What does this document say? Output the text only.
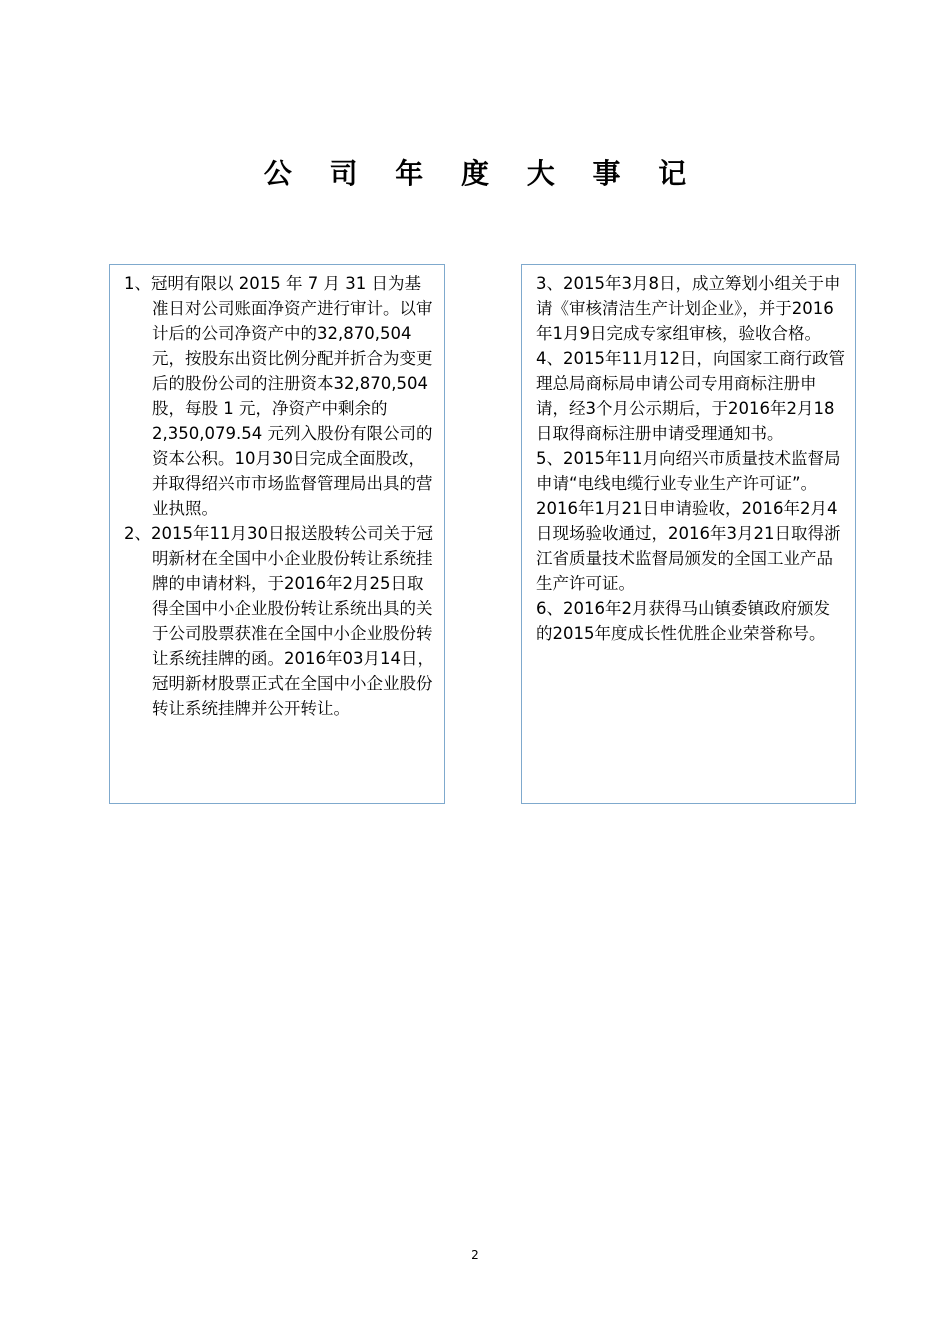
公 司 年 度 大 事 记

1、冠明有限以 2015 年 7 月 31 日为基准日对公司账面净资产进行审计。以审计后的公司净资产中的32,870,504元，按股东出资比例分配并折合为变更后的股份公司的注册资本32,870,504股，每股 1 元，净资产中剩余的2,350,079.54 元列入股份有限公司的资本公积。10月30日完成全面股改，并取得绍兴市市场监督管理局出具的营业执照。

2、2015年11月30日报送股转公司关于冠明新材在全国中小企业股份转让系统挂牌的申请材料，于2016年2月25日取得全国中小企业股份转让系统出具的关于公司股票获准在全国中小企业股份转让系统挂牌的函。2016年03月14日，冠明新材股票正式在全国中小企业股份转让系统挂牌并公开转让。

3、2015年3月8日，成立筹划小组关于申请《审核清洁生产计划企业》，并于2016年1月9日完成专家组审核，验收合格。

4、2015年11月12日，向国家工商行政管理总局商标局申请公司专用商标注册申请，经3个月公示期后，于2016年2月18日取得商标注册申请受理通知书。

5、2015年11月向绍兴市质量技术监督局申请“电线电缆行业专业生产许可证”。2016年1月21日申请验收，2016年2月4日现场验收通过，2016年3月21日取得浙江省质量技术监督局颁发的全国工业产品生产许可证。

6、2016年2月获得马山镇委镇政府颁发的2015年度成长性优胜企业荣誉称号。

2
